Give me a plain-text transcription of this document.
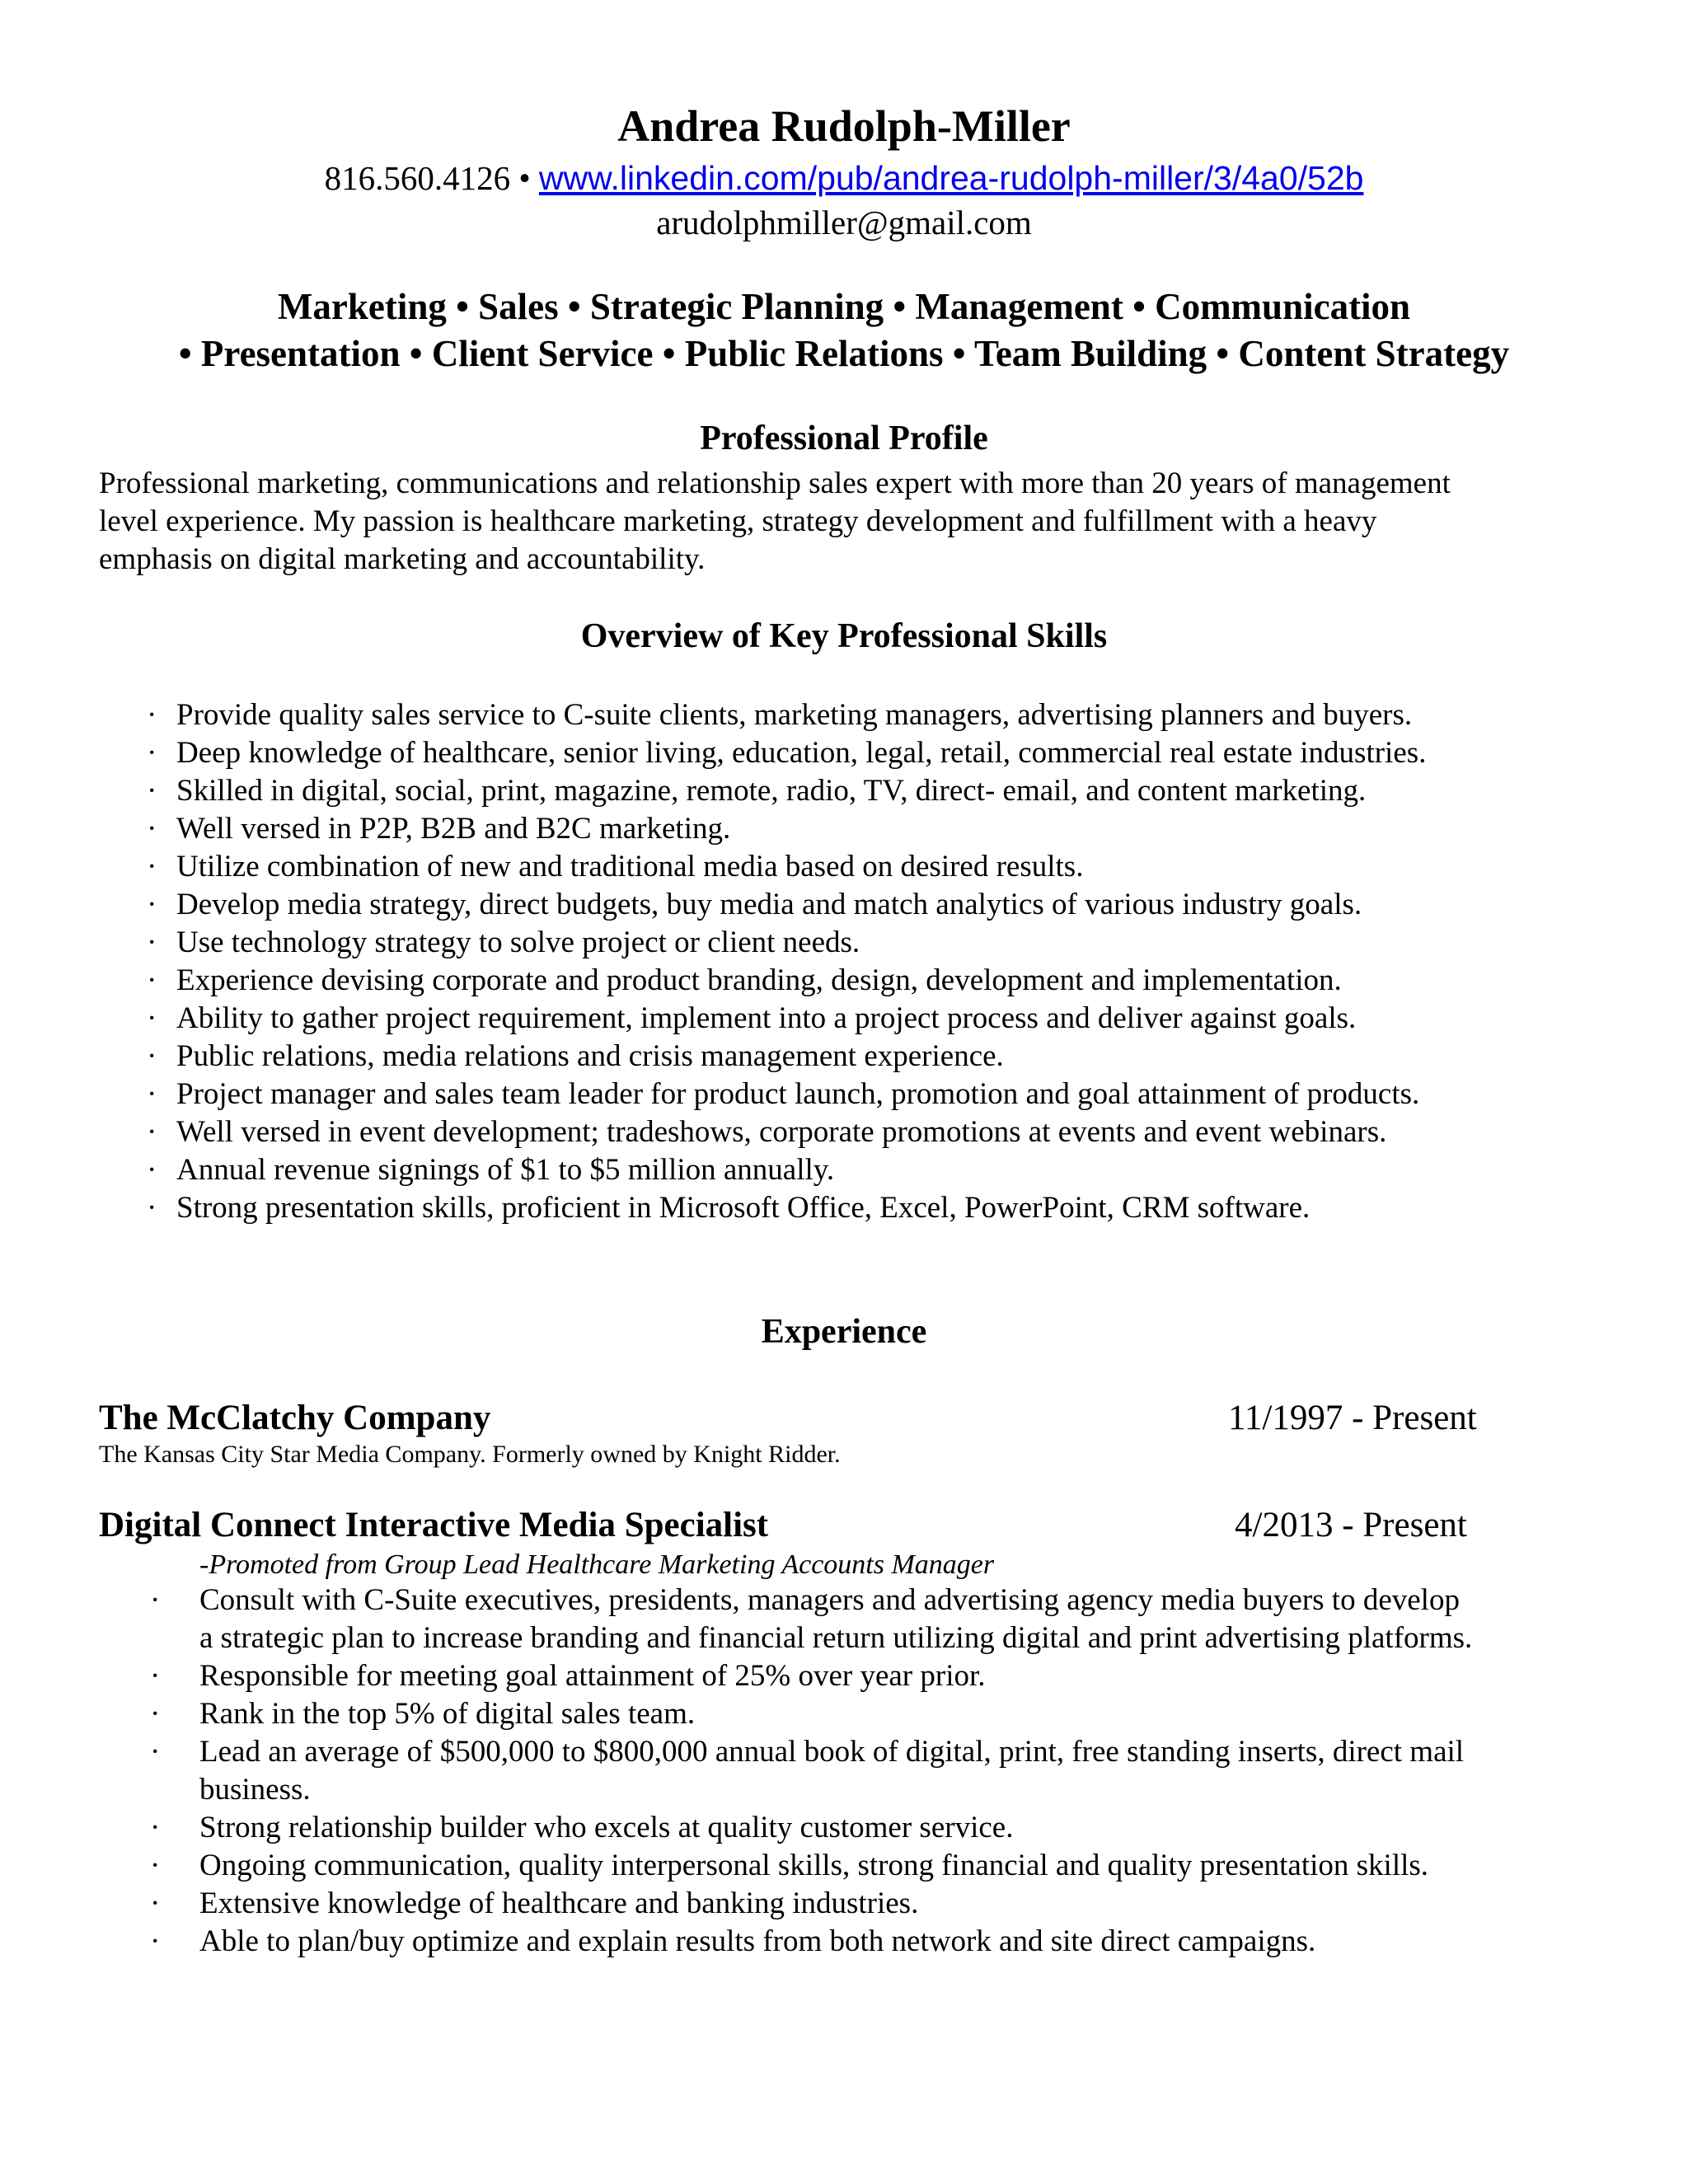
Andrea Rudolph-Miller
816.560.4126 • www.linkedin.com/pub/andrea-rudolph-miller/3/4a0/52b
arudolphmiller@gmail.com
Marketing • Sales • Strategic Planning • Management • Communication
• Presentation • Client Service • Public Relations • Team Building • Content Strategy
Professional Profile
Professional marketing, communications and relationship sales expert with more than 20 years of management
level experience. My passion is healthcare marketing, strategy development and fulfillment with a heavy
emphasis on digital marketing and accountability.
Overview of Key Professional Skills
· Provide quality sales service to C-suite clients, marketing managers, advertising planners and buyers.
· Deep knowledge of healthcare, senior living, education, legal, retail, commercial real estate industries.
· Skilled in digital, social, print, magazine, remote, radio, TV, direct- email, and content marketing.
· Well versed in P2P, B2B and B2C marketing.
· Utilize combination of new and traditional media based on desired results.
· Develop media strategy, direct budgets, buy media and match analytics of various industry goals.
· Use technology strategy to solve project or client needs.
· Experience devising corporate and product branding, design, development and implementation.
· Ability to gather project requirement, implement into a project process and deliver against goals.
· Public relations, media relations and crisis management experience.
· Project manager and sales team leader for product launch, promotion and goal attainment of products.
· Well versed in event development; tradeshows, corporate promotions at events and event webinars.
· Annual revenue signings of $1 to $5 million annually.
· Strong presentation skills, proficient in Microsoft Office, Excel, PowerPoint, CRM software.
Experience
The McClatchy Company	11/1997 - Present
The Kansas City Star Media Company. Formerly owned by Knight Ridder.
Digital Connect Interactive Media Specialist	4/2013 - Present
-Promoted from Group Lead Healthcare Marketing Accounts Manager
· Consult with C-Suite executives, presidents, managers and advertising agency media buyers to develop
a strategic plan to increase branding and financial return utilizing digital and print advertising platforms.
· Responsible for meeting goal attainment of 25% over year prior.
· Rank in the top 5% of digital sales team.
· Lead an average of $500,000 to $800,000 annual book of digital, print, free standing inserts, direct mail
business.
· Strong relationship builder who excels at quality customer service.
· Ongoing communication, quality interpersonal skills, strong financial and quality presentation skills.
· Extensive knowledge of healthcare and banking industries.
· Able to plan/buy optimize and explain results from both network and site direct campaigns.
